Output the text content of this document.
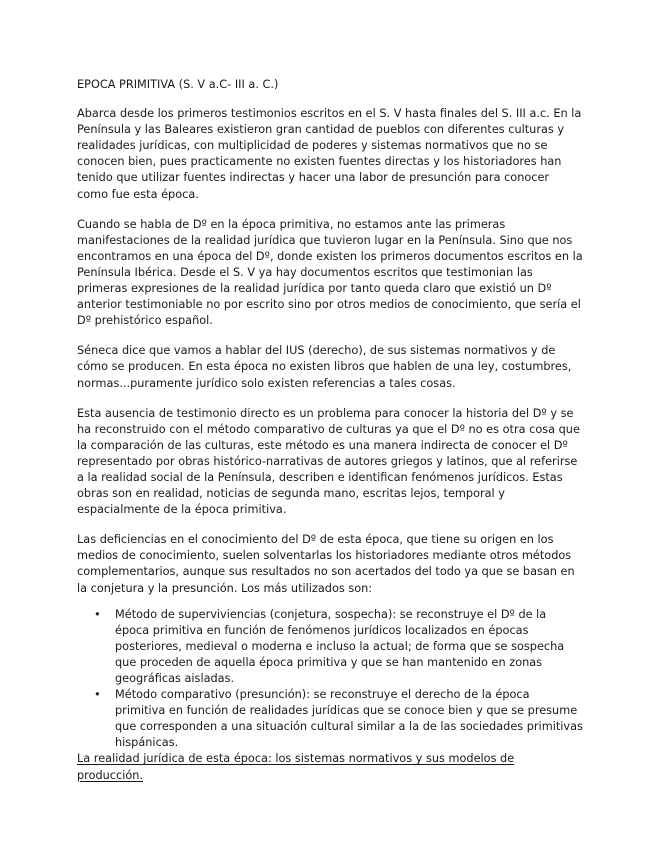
EPOCA PRIMITIVA (S. V a.C- III a. C.)

Abarca desde los primeros testimonios escritos en el S. V hasta finales del S. III a.c. En la Península y las Baleares existieron gran cantidad de pueblos con diferentes culturas y realidades jurídicas, con multiplicidad de poderes y sistemas normativos que no se conocen bien, pues practicamente no existen fuentes directas y los historiadores han tenido que utilizar fuentes indirectas y hacer una labor de presunción para conocer como fue esta época.

Cuando se habla de Dº en la época primitiva, no estamos ante las primeras manifestaciones de la realidad jurídica que tuvieron lugar en la Península. Sino que nos encontramos en una época del Dº, donde existen los primeros documentos escritos en la Península Ibérica. Desde el S. V ya hay documentos escritos que testimonian las primeras expresiones de la realidad jurídica por tanto queda claro que existió un Dº anterior testimoniable no por escrito sino por otros medios de conocimiento, que sería el Dº prehistórico español.

Séneca dice que vamos a hablar del IUS (derecho), de sus sistemas normativos y de cómo se producen. En esta época no existen libros que hablen de una ley, costumbres, normas...puramente jurídico solo existen referencias a tales cosas.

Esta ausencia de testimonio directo es un problema para conocer la historia del Dº y se ha reconstruido con el método comparativo de culturas ya que el Dº no es otra cosa que la comparación de las culturas, este método es una manera indirecta de conocer el Dº representado por obras histórico-narrativas de autores griegos y latinos, que al referirse a la realidad social de la Península, describen e identifican fenómenos jurídicos. Estas obras son en realidad, noticias de segunda mano, escritas lejos, temporal y espacialmente de la época primitiva.

Las deficiencias en el conocimiento del Dº de esta época, que tiene su origen en los medios de conocimiento, suelen solventarlas los historiadores mediante otros métodos complementarios, aunque sus resultados no son acertados del todo ya que se basan en la conjetura y la presunción. Los más utilizados son:

• Método de superviviencias (conjetura, sospecha): se reconstruye el Dº de la época primitiva en función de fenómenos jurídicos localizados en épocas posteriores, medieval o moderna e incluso la actual; de forma que se sospecha que proceden de aquella época primitiva y que se han mantenido en zonas geográficas aisladas.
• Método comparativo (presunción): se reconstruye el derecho de la época primitiva en función de realidades jurídicas que se conoce bien y que se presume que corresponden a una situación cultural similar a la de las sociedades primitivas hispánicas.
La realidad jurídica de esta época: los sistemas normativos y sus modelos de producción.
